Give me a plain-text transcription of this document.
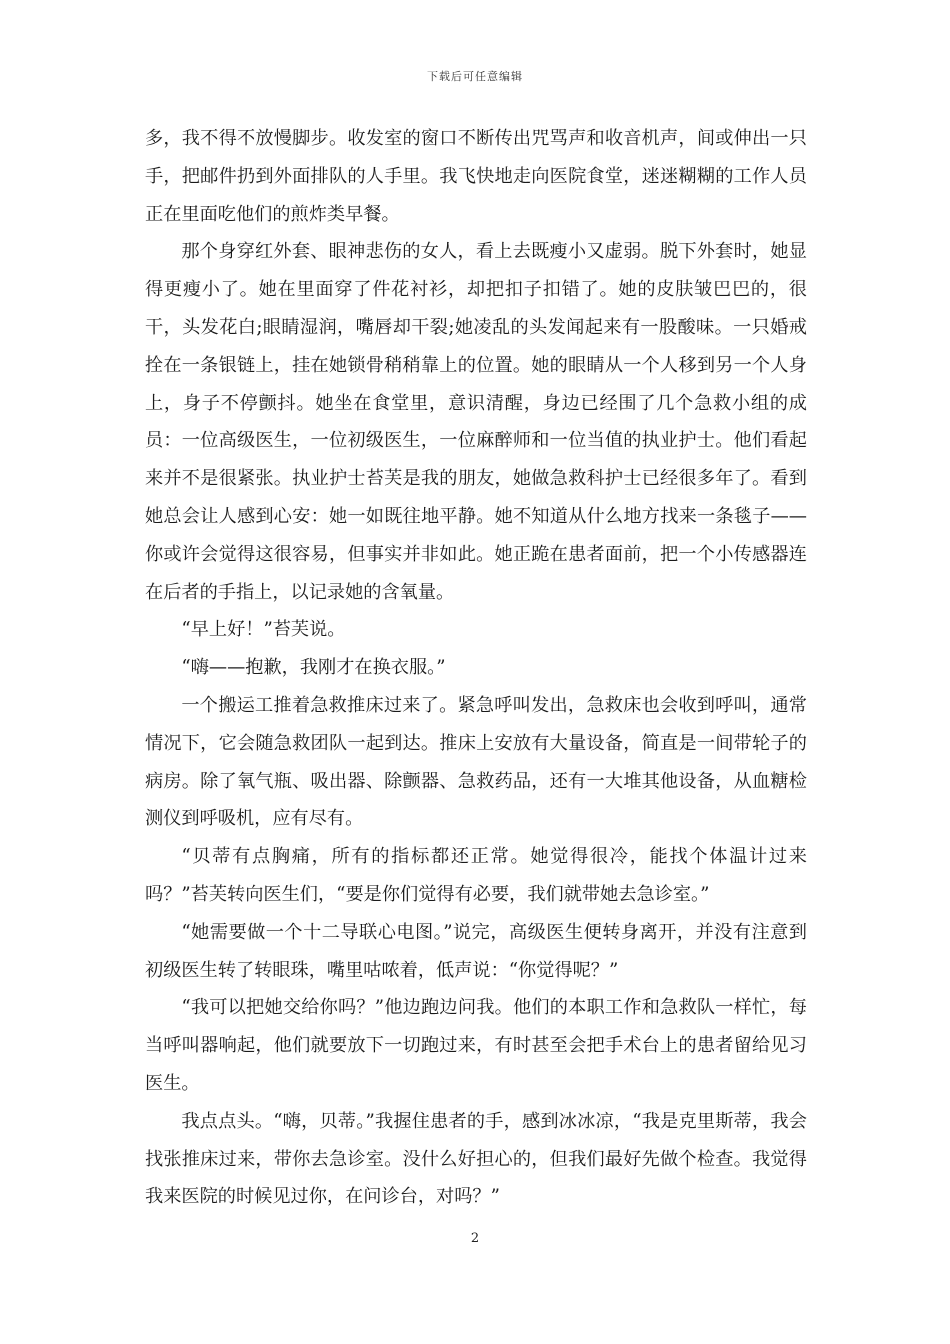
下载后可任意编辑

多，我不得不放慢脚步。收发室的窗口不断传出咒骂声和收音机声，间或伸出一只手，把邮件扔到外面排队的人手里。我飞快地走向医院食堂，迷迷糊糊的工作人员正在里面吃他们的煎炸类早餐。

那个身穿红外套、眼神悲伤的女人，看上去既瘦小又虚弱。脱下外套时，她显得更瘦小了。她在里面穿了件花衬衫，却把扣子扣错了。她的皮肤皱巴巴的，很干，头发花白;眼睛湿润，嘴唇却干裂;她凌乱的头发闻起来有一股酸味。一只婚戒拴在一条银链上，挂在她锁骨稍稍靠上的位置。她的眼睛从一个人移到另一个人身上，身子不停颤抖。她坐在食堂里，意识清醒，身边已经围了几个急救小组的成员：一位高级医生，一位初级医生，一位麻醉师和一位当值的执业护士。他们看起来并不是很紧张。执业护士苔芙是我的朋友，她做急救科护士已经很多年了。看到她总会让人感到心安：她一如既往地平静。她不知道从什么地方找来一条毯子——你或许会觉得这很容易，但事实并非如此。她正跪在患者面前，把一个小传感器连在后者的手指上，以记录她的含氧量。

“早上好！”苔芙说。

“嗨——抱歉，我刚才在换衣服。”

一个搬运工推着急救推床过来了。紧急呼叫发出，急救床也会收到呼叫，通常情况下，它会随急救团队一起到达。推床上安放有大量设备，简直是一间带轮子的病房。除了氧气瓶、吸出器、除颤器、急救药品，还有一大堆其他设备，从血糖检测仪到呼吸机，应有尽有。

“贝蒂有点胸痛，所有的指标都还正常。她觉得很冷，能找个体温计过来吗？”苔芙转向医生们，“要是你们觉得有必要，我们就带她去急诊室。”

“她需要做一个十二导联心电图。”说完，高级医生便转身离开，并没有注意到初级医生转了转眼珠，嘴里咕哝着，低声说：“你觉得呢？”

“我可以把她交给你吗？”他边跑边问我。他们的本职工作和急救队一样忙，每当呼叫器响起，他们就要放下一切跑过来，有时甚至会把手术台上的患者留给见习医生。

我点点头。“嗨，贝蒂。”我握住患者的手，感到冰冰凉，“我是克里斯蒂，我会找张推床过来，带你去急诊室。没什么好担心的，但我们最好先做个检查。我觉得我来医院的时候见过你，在问诊台，对吗？”

2
